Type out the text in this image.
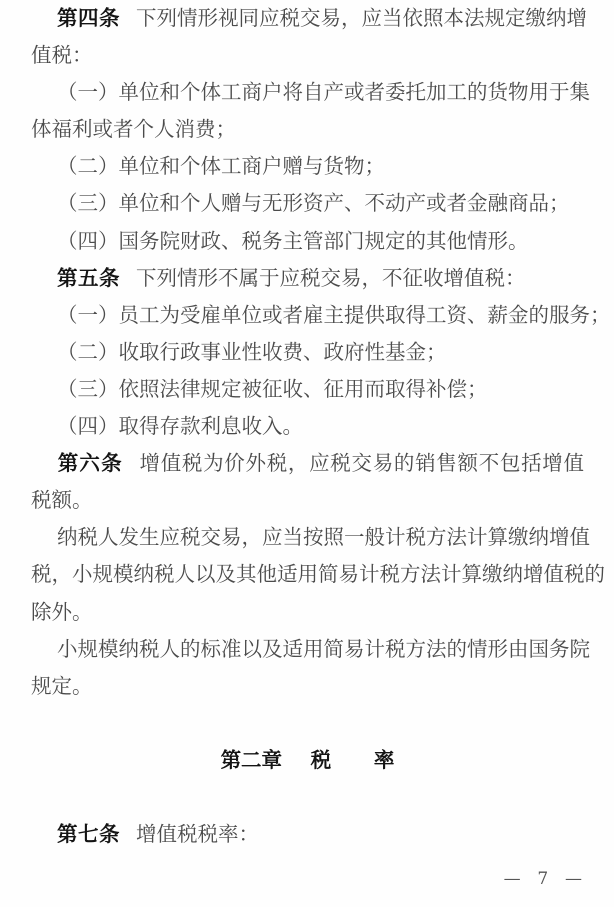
第四条 下列情形视同应税交易，应当依照本法规定缴纳增
值税：
（一）单位和个体工商户将自产或者委托加工的货物用于集
体福利或者个人消费；
（二）单位和个体工商户赠与货物；
（三）单位和个人赠与无形资产、不动产或者金融商品；
（四）国务院财政、税务主管部门规定的其他情形。
第五条 下列情形不属于应税交易，不征收增值税：
（一）员工为受雇单位或者雇主提供取得工资、薪金的服务；
（二）收取行政事业性收费、政府性基金；
（三）依照法律规定被征收、征用而取得补偿；
（四）取得存款利息收入。
第六条 增值税为价外税，应税交易的销售额不包括增值
税额。
纳税人发生应税交易，应当按照一般计税方法计算缴纳增值
税，小规模纳税人以及其他适用简易计税方法计算缴纳增值税的
除外。
小规模纳税人的标准以及适用简易计税方法的情形由国务院
规定。
第二章    税      率
第七条 增值税税率：
—  7  —
